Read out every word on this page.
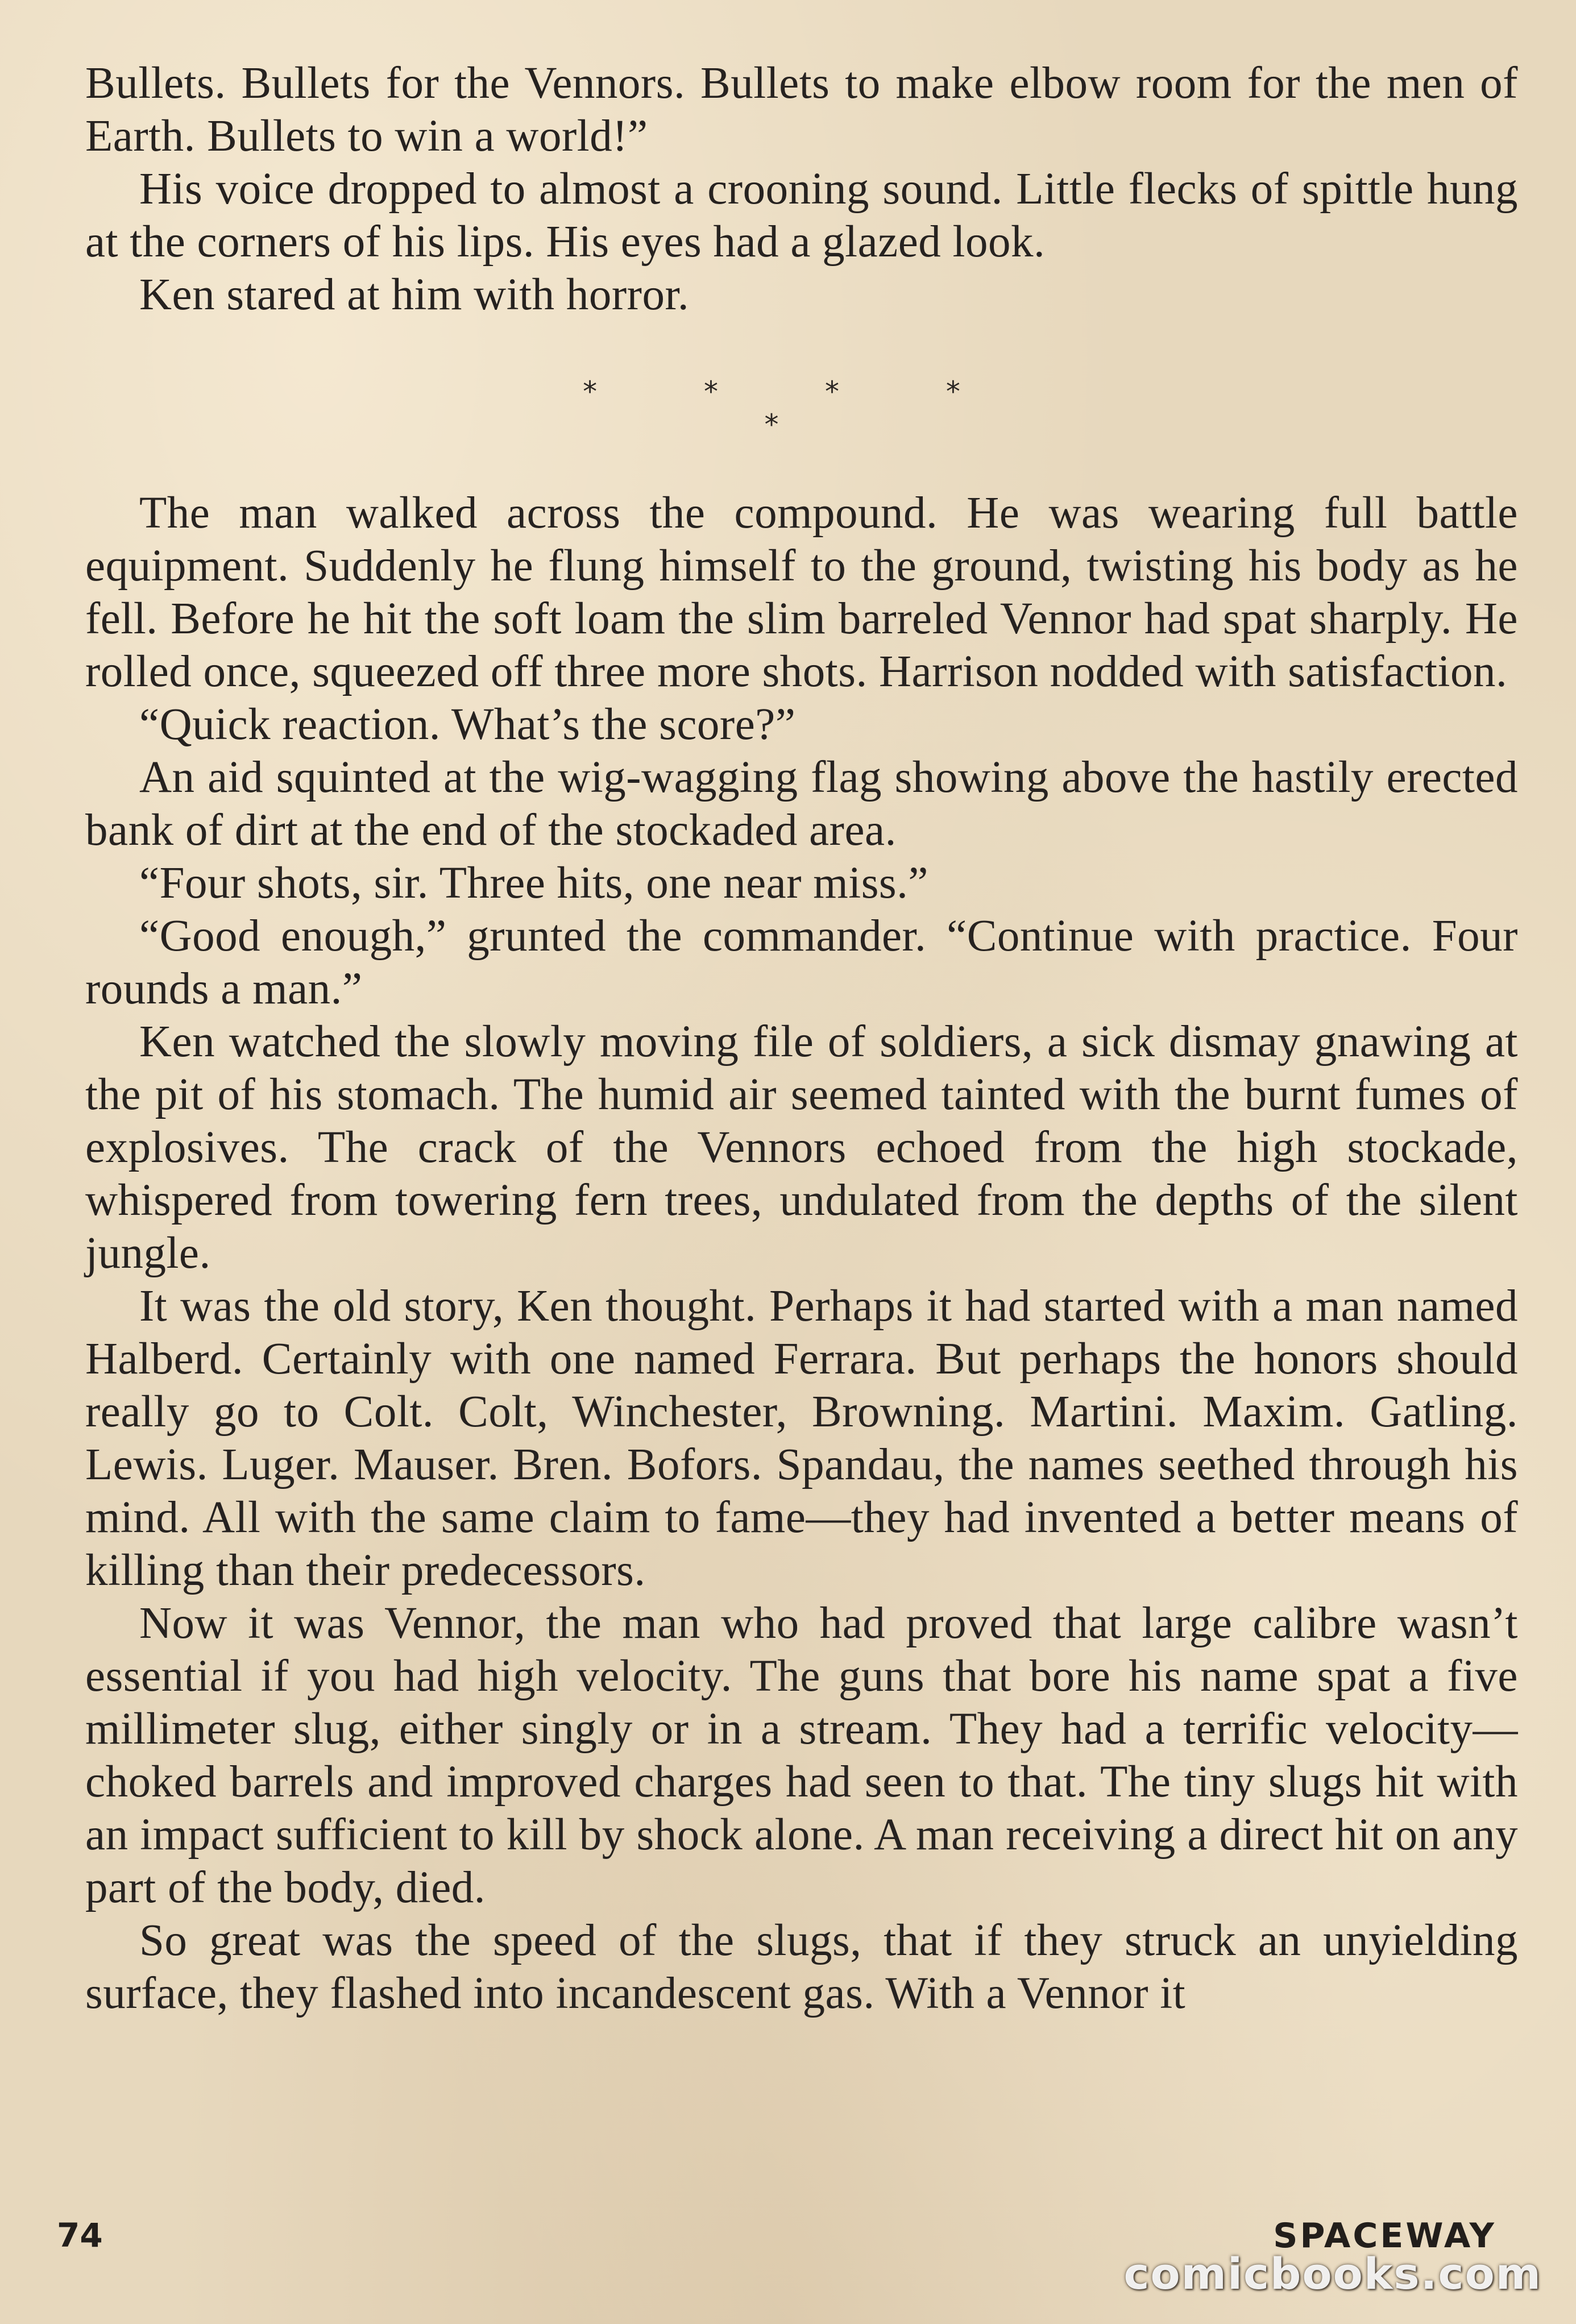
Bullets. Bullets for the Vennors. Bullets to make elbow room for the men of Earth. Bullets to win a world!”

His voice dropped to almost a crooning sound. Little flecks of spittle hung at the corners of his lips. His eyes had a glazed look.

Ken stared at him with horror.

* * * * *

The man walked across the compound. He was wearing full battle equipment. Suddenly he flung himself to the ground, twisting his body as he fell. Before he hit the soft loam the slim barreled Vennor had spat sharply. He rolled once, squeezed off three more shots. Harrison nodded with satisfaction.

“Quick reaction. What’s the score?”

An aid squinted at the wig-wagging flag showing above the hastily erected bank of dirt at the end of the stockaded area.

“Four shots, sir. Three hits, one near miss.”

“Good enough,” grunted the commander. “Continue with practice. Four rounds a man.”

Ken watched the slowly moving file of soldiers, a sick dismay gnawing at the pit of his stomach. The humid air seemed tainted with the burnt fumes of explosives. The crack of the Vennors echoed from the high stockade, whispered from towering fern trees, undulated from the depths of the silent jungle.

It was the old story, Ken thought. Perhaps it had started with a man named Halberd. Certainly with one named Ferrara. But perhaps the honors should really go to Colt. Colt, Winchester, Browning. Martini. Maxim. Gatling. Lewis. Luger. Mauser. Bren. Bofors. Spandau, the names seethed through his mind. All with the same claim to fame—they had invented a better means of killing than their predecessors.

Now it was Vennor, the man who had proved that large calibre wasn’t essential if you had high velocity. The guns that bore his name spat a five millimeter slug, either singly or in a stream. They had a terrific velocity—choked barrels and improved charges had seen to that. The tiny slugs hit with an impact sufficient to kill by shock alone. A man receiving a direct hit on any part of the body, died.

So great was the speed of the slugs, that if they struck an unyielding surface, they flashed into incandescent gas. With a Vennor it

74	SPACEWAY
comicbooks.com
